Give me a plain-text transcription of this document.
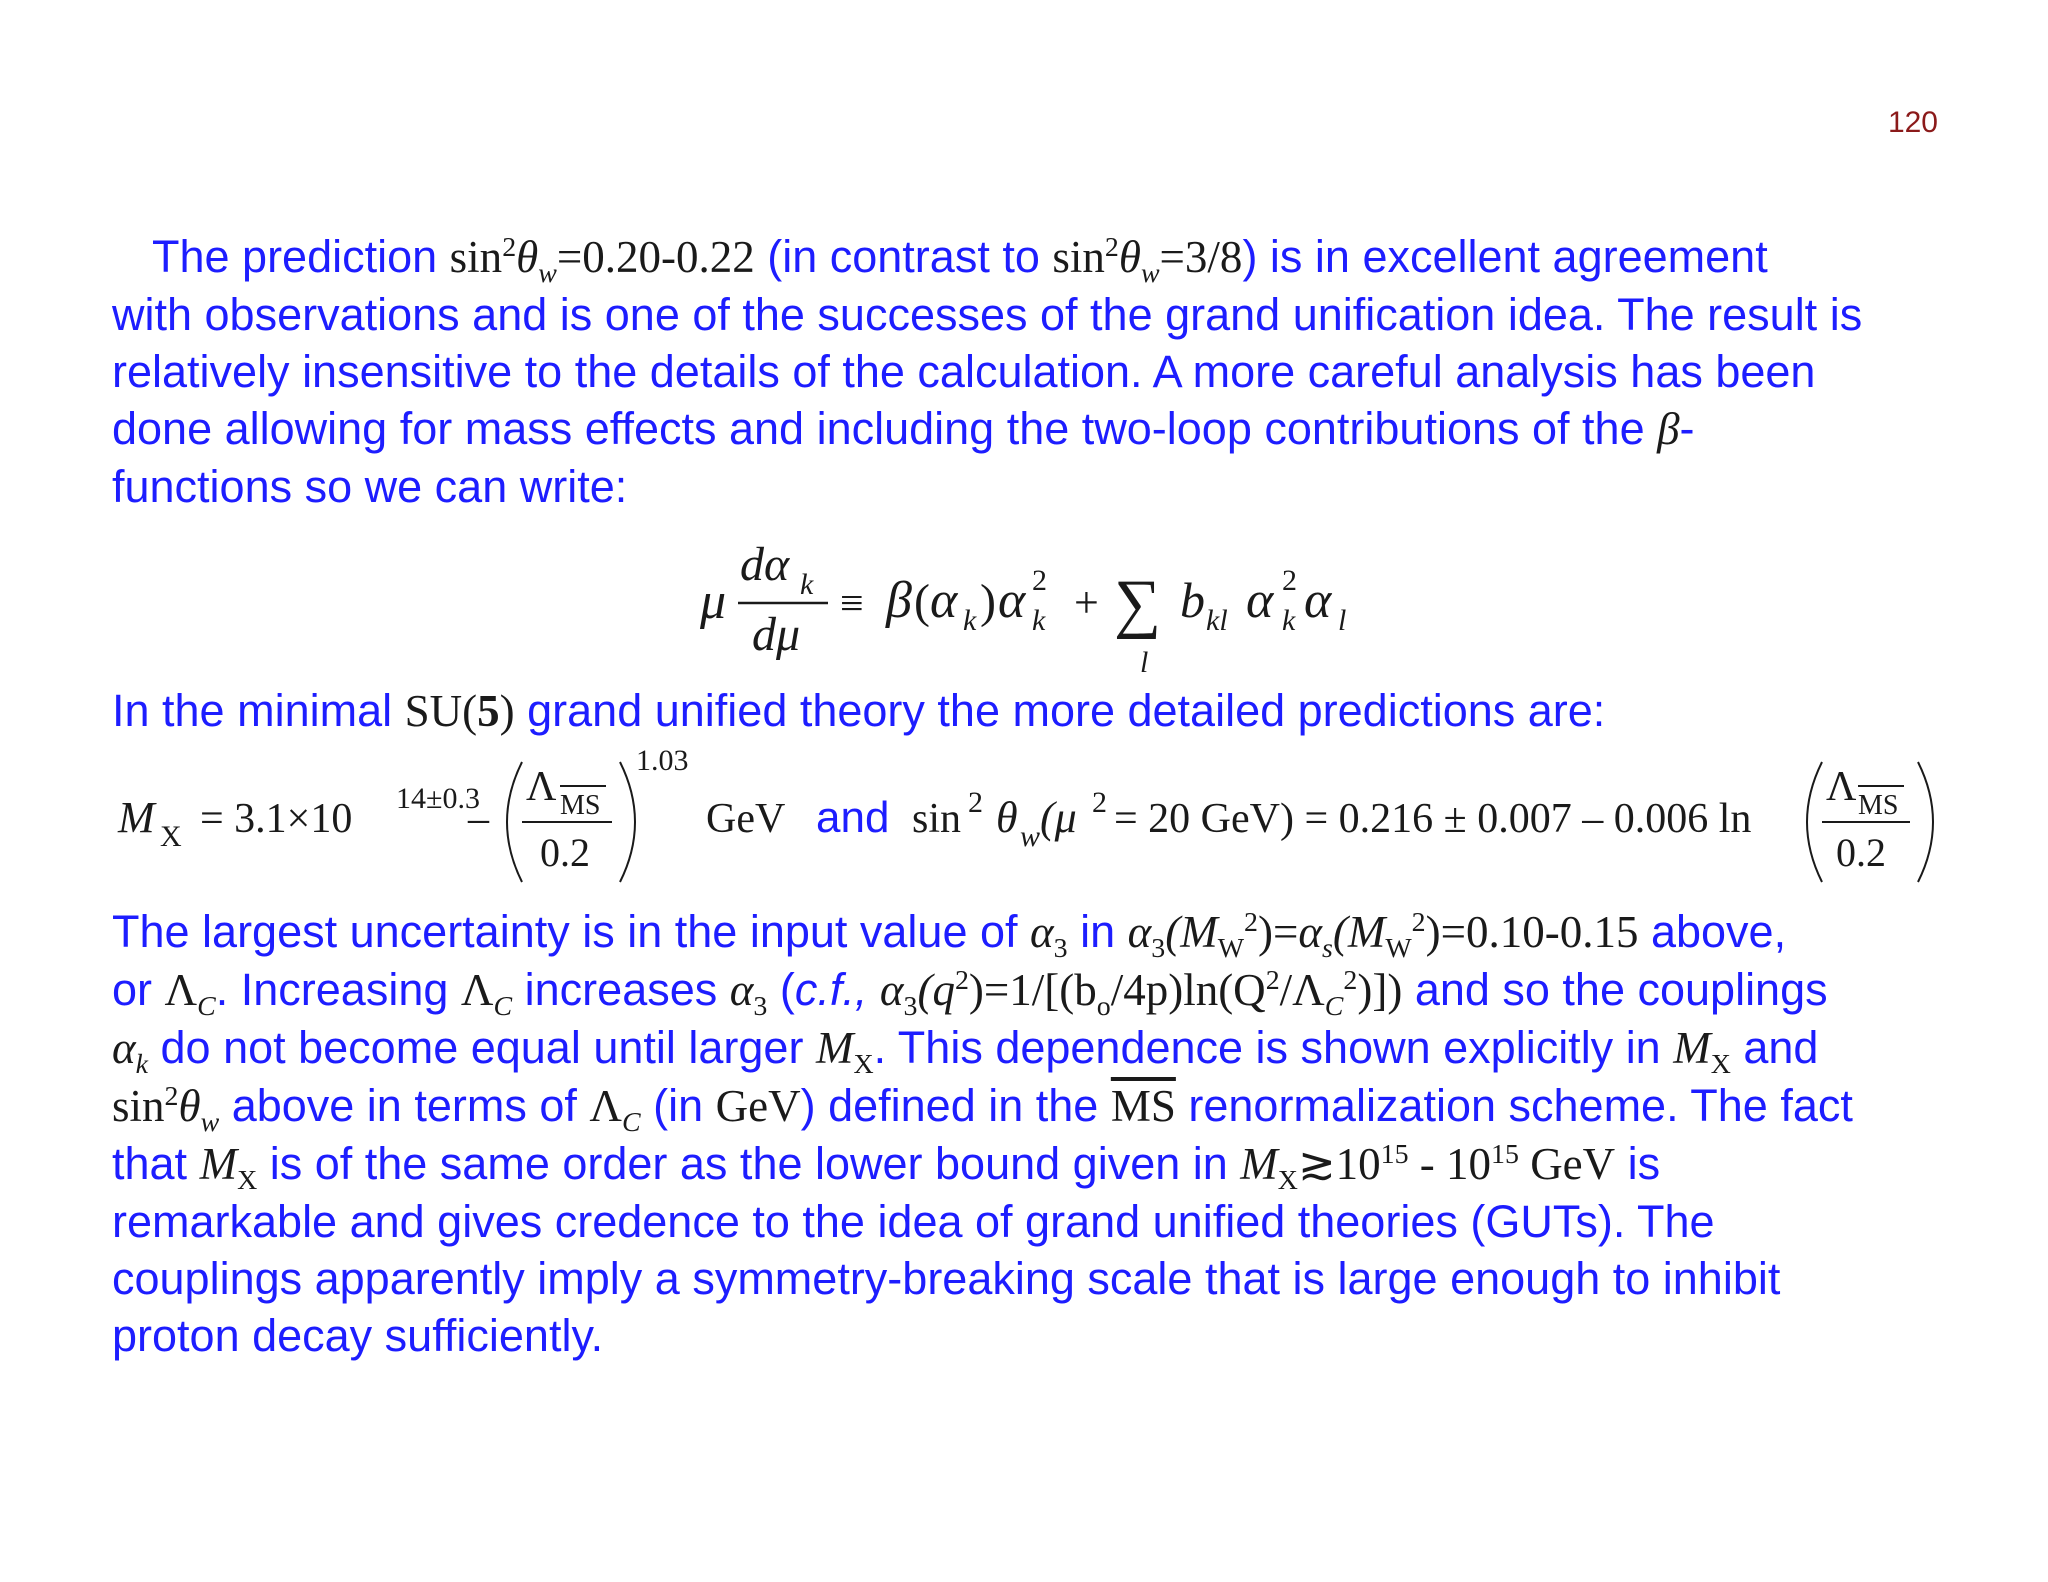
120
The prediction $\sin^2\theta_w=0.20-0.22$ (in contrast to $\sin^2\theta_w=3/8$) is in excellent agreement
with observations and is one of the successes of the grand unification idea. The result is
relatively insensitive to the details of the calculation. A more careful analysis has been
done allowing for mass effects and including the two-loop contributions of the β-
functions so we can write:
μ
dα k
dμ
≡ β ( α k ) α 2
k + ∑
l
b kl α 2
k α l
In the minimal SU(5) grand unified theory the more detailed predictions are:
M X = 3.1×10 14±0.3
–
Λ MS
0.2
1.03
GeV and sin 2 θ w (μ 2 = 20 GeV) = 0.216 ± 0.007 – 0.006 ln
Λ MS
0.2
The largest uncertainty is in the input value of $\alpha_3$ in $\alpha_3(M_W^2)=\alpha_s(M_W^2)=0.10-0.15$ above,
or $\Lambda_C$. Increasing $\Lambda_C$ increases $\alpha_3$ (c.f., $\alpha_3(q^2)=1/[(b_o/4p)\ln(Q^2/\Lambda_C^2)]$) and so the couplings
$\alpha_k$ do not become equal until larger $M_X$. This dependence is shown explicitly in $M_X$ and
$\sin^2\theta_w$ above in terms of $\Lambda_C$ (in GeV) defined in the $\overline{MS}$ renormalization scheme. The fact
that $M_X$ is of the same order as the lower bound given in $M_X≳10^{15} - 10^{15}$ GeV is
remarkable and gives credence to the idea of grand unified theories (GUTs). The
couplings apparently imply a symmetry-breaking scale that is large enough to inhibit
proton decay sufficiently.
